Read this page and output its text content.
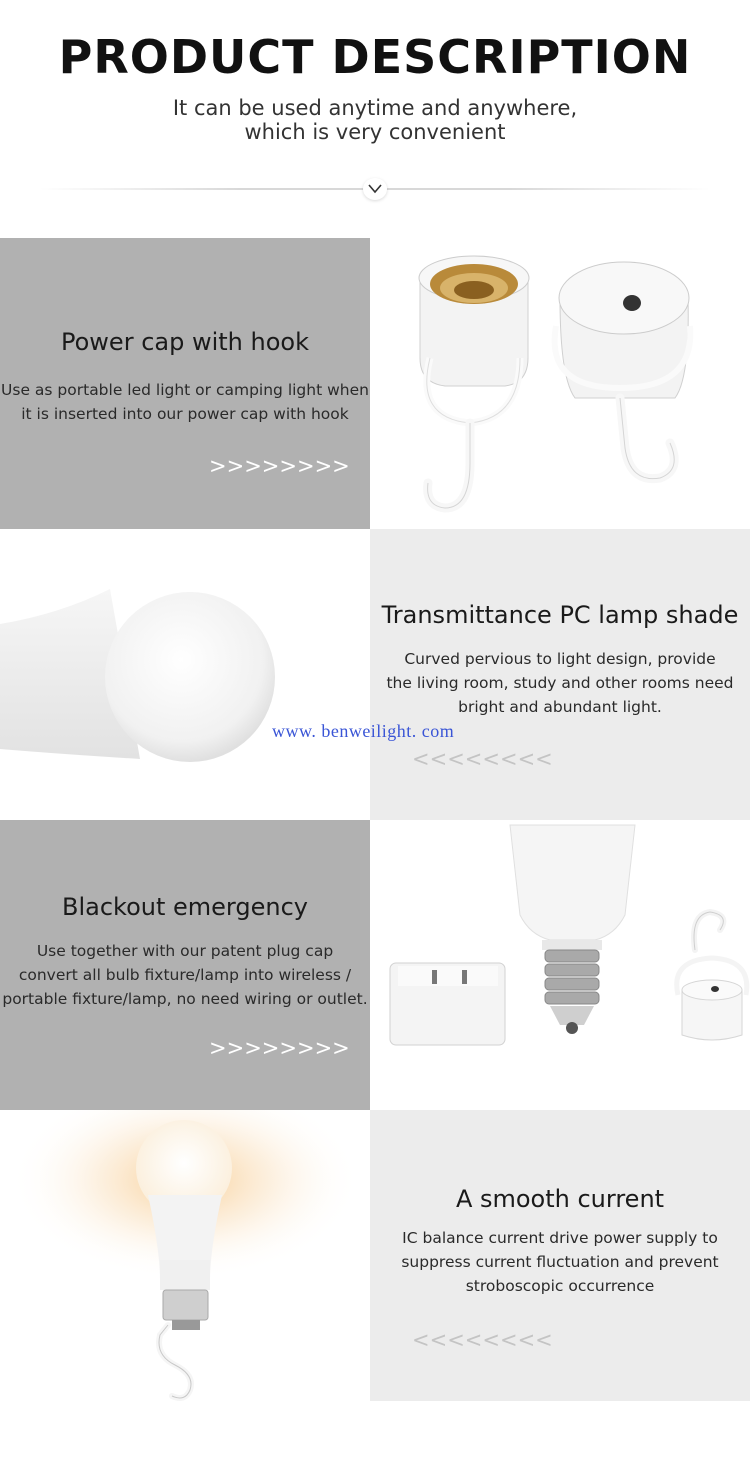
PRODUCT DESCRIPTION
It can be used anytime and anywhere,
which is very convenient
Power cap with hook
Use as portable led light or camping light when
it is inserted into our power cap with hook
>>>>>>>>
Transmittance PC lamp shade
Curved pervious to light design, provide
the living room, study and other rooms need
bright and abundant light.
<<<<<<<<
www. benweilight. com
Blackout emergency
Use together with our patent plug cap
convert all bulb fixture/lamp into wireless /
portable fixture/lamp, no need wiring or outlet.
>>>>>>>>
A smooth current
IC balance current drive power supply to
suppress current fluctuation and prevent
stroboscopic occurrence
<<<<<<<<
